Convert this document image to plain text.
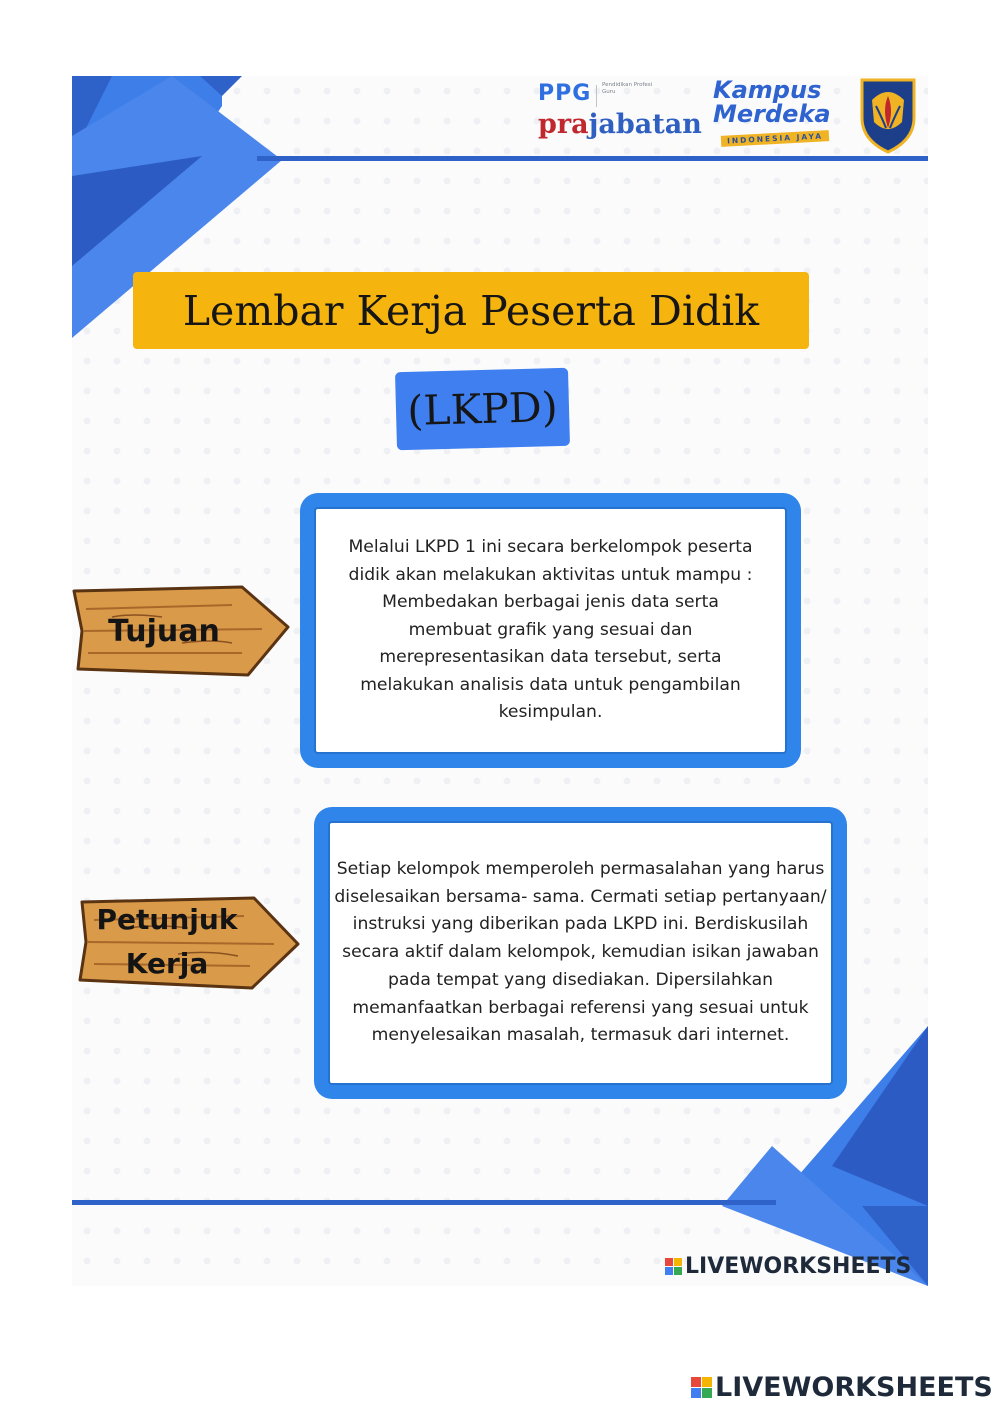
PPG Pendidikan Profesi Guru
prajabatan
Kampus
Merdeka
INDONESIA JAYA
Lembar Kerja Peserta Didik
(LKPD)
Tujuan

Melalui LKPD 1 ini secara berkelompok peserta didik akan melakukan aktivitas untuk mampu : Membedakan berbagai jenis data serta membuat grafik yang sesuai dan merepresentasikan data tersebut, serta melakukan analisis data untuk pengambilan kesimpulan.

Petunjuk Kerja

Setiap kelompok memperoleh permasalahan yang harus diselesaikan bersama- sama. Cermati setiap pertanyaan/ instruksi yang diberikan pada LKPD ini. Berdiskusilah secara aktif dalam kelompok, kemudian isikan jawaban pada tempat yang disediakan. Dipersilahkan memanfaatkan berbagai referensi yang sesuai untuk menyelesaikan masalah, termasuk dari internet.

LIVEWORKSHEETS
LIVEWORKSHEETS
